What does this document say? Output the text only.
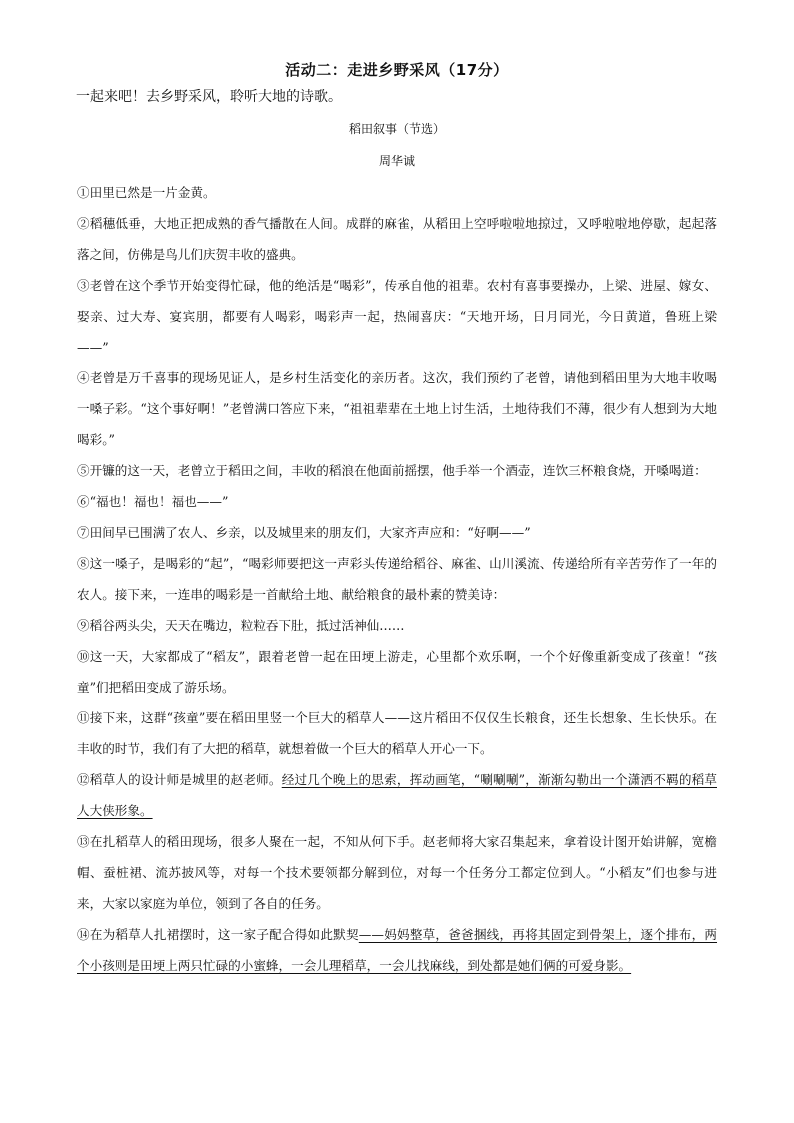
活动二：走进乡野采风（17分）
一起来吧！去乡野采风，聆听大地的诗歌。
稻田叙事（节选）
周华诚

①田里已然是一片金黄。

②稻穗低垂，大地正把成熟的香气播散在人间。成群的麻雀，从稻田上空呼啦啦地掠过，又呼啦啦地停歇，起起落落之间，仿佛是鸟儿们庆贺丰收的盛典。

③老曾在这个季节开始变得忙碌，他的绝活是“喝彩”，传承自他的祖辈。农村有喜事要操办，上梁、进屋、嫁女、娶亲、过大寿、宴宾朋，都要有人喝彩，喝彩声一起，热闹喜庆：“天地开场，日月同光，今日黄道，鲁班上梁——”

④老曾是万千喜事的现场见证人，是乡村生活变化的亲历者。这次，我们预约了老曾，请他到稻田里为大地丰收喝一嗓子彩。“这个事好啊！”老曾满口答应下来，“祖祖辈辈在土地上讨生活，土地待我们不薄，很少有人想到为大地喝彩。”

⑤开镰的这一天，老曾立于稻田之间，丰收的稻浪在他面前摇摆，他手举一个酒壶，连饮三杯粮食烧，开嗓喝道：

⑥“福也！福也！福也——”

⑦田间早已围满了农人、乡亲，以及城里来的朋友们，大家齐声应和：“好啊——”

⑧这一嗓子，是喝彩的“起”，“喝彩师要把这一声彩头传递给稻谷、麻雀、山川溪流、传递给所有辛苦劳作了一年的农人。接下来，一连串的喝彩是一首献给土地、献给粮食的最朴素的赞美诗：

⑨稻谷两头尖，天天在嘴边，粒粒吞下肚，抵过活神仙……

⑩这一天，大家都成了“稻友”，跟着老曾一起在田埂上游走，心里都个欢乐啊，一个个好像重新变成了孩童！“孩童”们把稻田变成了游乐场。

⑪接下来，这群“孩童”要在稻田里竖一个巨大的稻草人——这片稻田不仅仅生长粮食，还生长想象、生长快乐。在丰收的时节，我们有了大把的稻草，就想着做一个巨大的稻草人开心一下。

⑫稻草人的设计师是城里的赵老师。经过几个晚上的思索，挥动画笔，“唰唰唰”，渐渐勾勒出一个潇洒不羁的稻草人大侠形象。

⑬在扎稻草人的稻田现场，很多人聚在一起，不知从何下手。赵老师将大家召集起来，拿着设计图开始讲解，宽檐帽、蚕桩裙、流苏披风等，对每一个技术要领都分解到位，对每一个任务分工都定位到人。“小稻友”们也参与进来，大家以家庭为单位，领到了各自的任务。

⑭在为稻草人扎裙摆时，这一家子配合得如此默契——妈妈整草，爸爸捆线，再将其固定到骨架上，逐个排布，两个小孩则是田埂上两只忙碌的小蜜蜂，一会儿理稻草，一会儿找麻线，到处都是她们俩的可爱身影。
